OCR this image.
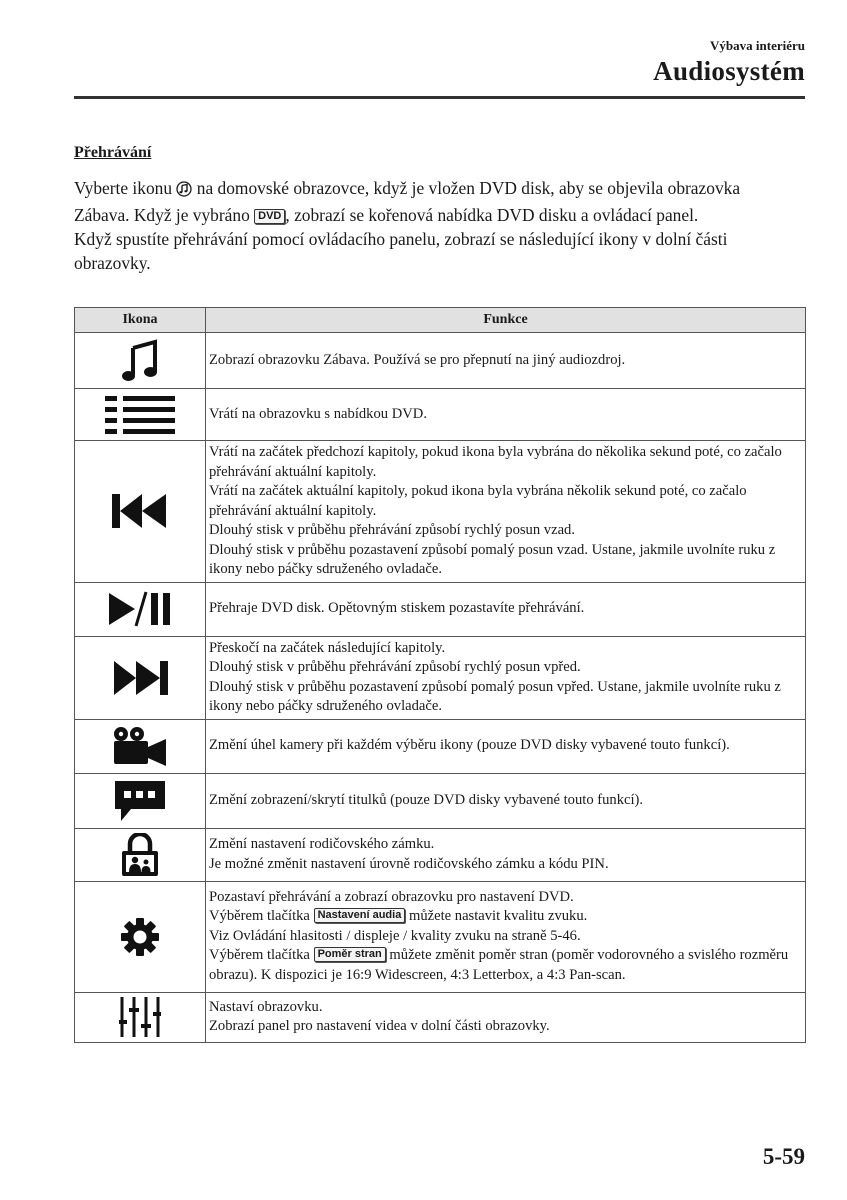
Výbava interiéru
Audiosystém
Přehrávání

Vyberte ikonu na domovské obrazovce, když je vložen DVD disk, aby se objevila obrazovka Zábava. Když je vybráno DVD , zobrazí se kořenová nabídka DVD disku a ovládací panel.

Když spustíte přehrávání pomocí ovládacího panelu, zobrazí se následující ikony v dolní části obrazovky.

Ikona	Funkce

Zobrazí obrazovku Zábava. Používá se pro přepnutí na jiný audiozdroj.

Vrátí na obrazovku s nabídkou DVD.

Vrátí na začátek předchozí kapitoly, pokud ikona byla vybrána do několika sekund poté, co začalo přehrávání aktuální kapitoly.
Vrátí na začátek aktuální kapitoly, pokud ikona byla vybrána několik sekund poté, co začalo přehrávání aktuální kapitoly.
Dlouhý stisk v průběhu přehrávání způsobí rychlý posun vzad.
Dlouhý stisk v průběhu pozastavení způsobí pomalý posun vzad. Ustane, jakmile uvolníte ruku z ikony nebo páčky sdruženého ovladače.

Přehraje DVD disk. Opětovným stiskem pozastavíte přehrávání.

Přeskočí na začátek následující kapitoly.
Dlouhý stisk v průběhu přehrávání způsobí rychlý posun vpřed.
Dlouhý stisk v průběhu pozastavení způsobí pomalý posun vpřed. Ustane, jakmile uvolníte ruku z ikony nebo páčky sdruženého ovladače.

Změní úhel kamery při každém výběru ikony (pouze DVD disky vybavené touto funkcí).

Změní zobrazení/skrytí titulků (pouze DVD disky vybavené touto funkcí).

Změní nastavení rodičovského zámku.
Je možné změnit nastavení úrovně rodičovského zámku a kódu PIN.

Pozastaví přehrávání a zobrazí obrazovku pro nastavení DVD.
Výběrem tlačítka Nastavení audia můžete nastavit kvalitu zvuku.
Viz Ovládání hlasitosti / displeje / kvality zvuku na straně 5-46.
Výběrem tlačítka Poměr stran můžete změnit poměr stran (poměr vodorovného a svislého rozměru obrazu). K dispozici je 16:9 Widescreen, 4:3 Letterbox, a 4:3 Pan-scan.

Nastaví obrazovku.
Zobrazí panel pro nastavení videa v dolní části obrazovky.
5-59
